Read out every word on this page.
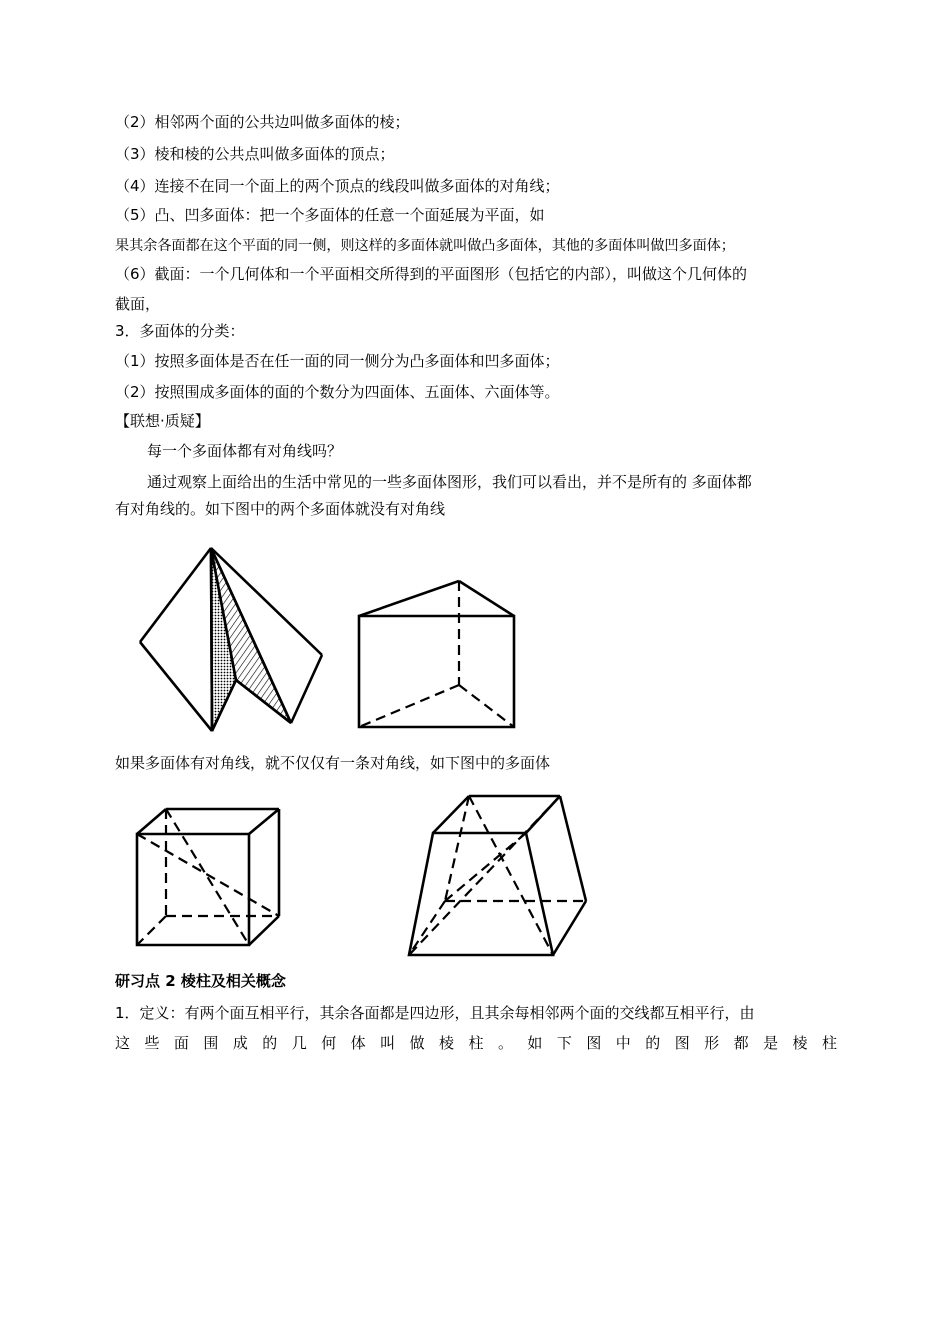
（2）相邻两个面的公共边叫做多面体的棱；
（3）棱和棱的公共点叫做多面体的顶点；
（4）连接不在同一个面上的两个顶点的线段叫做多面体的对角线；
（5）凸、凹多面体：把一个多面体的任意一个面延展为平面，如
果其余各面都在这个平面的同一侧，则这样的多面体就叫做凸多面体，其他的多面体叫做凹多面体；
（6）截面：一个几何体和一个平面相交所得到的平面图形（包括它的内部），叫做这个几何体的
截面，
3．多面体的分类：
（1）按照多面体是否在任一面的同一侧分为凸多面体和凹多面体；
（2）按照围成多面体的面的个数分为四面体、五面体、六面体等。
【联想·质疑】
每一个多面体都有对角线吗？
通过观察上面给出的生活中常见的一些多面体图形，我们可以看出，并不是所有的 多面体都
有对角线的。如下图中的两个多面体就没有对角线
如果多面体有对角线，就不仅仅有一条对角线，如下图中的多面体
研习点 2 棱柱及相关概念
1．定义：有两个面互相平行，其余各面都是四边形，且其余每相邻两个面的交线都互相平行，由
这 些 面 围 成 的 几 何 体 叫 做 棱 柱 。 如 下 图 中 的 图 形 都 是 棱 柱
